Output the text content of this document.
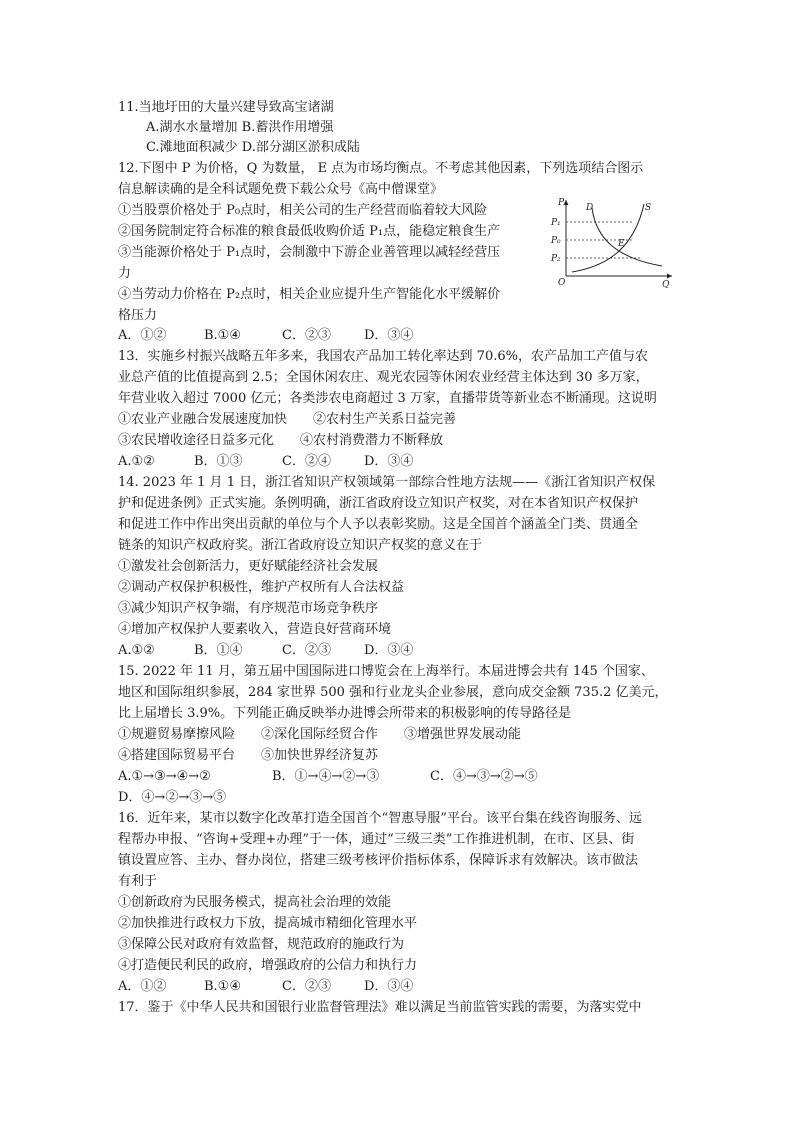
11.当地圩田的大量兴建导致高宝诸湖
A.湖水水量增加 B.蓄洪作用增强
C.滩地面积减少 D.部分湖区淤积成陆
12.下图中 P 为价格，Q 为数量， E 点为市场均衡点。不考虑其他因素，下列选项结合图示
信息解读确的是全科试题免费下载公众号《高中僧课堂》
①当股票价格处于 P₀点时，相关公司的生产经营而临着较大风险
②国务院制定符合标准的粮食最低收购价适 P₁点，能稳定粮食生产
③当能源价格处于 P₁点时，会制激中下游企业善管理以减轻经营压
力
④当劳动力价格在 P₂点时，相关企业应提升生产智能化水平缓解价
格压力
A．①②	B.①④	C．②③	D．③④
P
P₁
P₀
P₂
O	Q
D	S
E
13．实施乡村振兴战略五年多来，我国农产品加工转化率达到 70.6%，农产品加工产值与农
业总产值的比值提高到 2.5；全国休闲农庄、观光农园等休闲农业经营主体达到 30 多万家，
年营业收入超过 7000 亿元；各类涉农电商超过 3 万家，直播带货等新业态不断涌现。这说明
①农业产业融合发展速度加快　　②农村生产关系日益完善
③农民增收途径日益多元化　　④农村消费潜力不断释放
A.①②	B．①③	C．②④	D．③④
14. 2023 年 1 月 1 日，浙江省知识产权领域第一部综合性地方法规——《浙江省知识产权保
护和促进条例》正式实施。条例明确，浙江省政府设立知识产权奖，对在本省知识产权保护
和促进工作中作出突出贡献的单位与个人予以表彰奖励。这是全国首个涵盖全门类、贯通全
链条的知识产权政府奖。浙江省政府设立知识产权奖的意义在于
①激发社会创新活力，更好赋能经济社会发展
②调动产权保护积极性，维护产权所有人合法权益
③减少知识产权争端，有序规范市场竞争秩序
④增加产权保护人要素收入，营造良好营商环境
A.①②	B．①④	C．②③	D．③④
15. 2022 年 11 月，第五届中国国际进口博览会在上海举行。本届进博会共有 145 个国家、
地区和国际组织参展，284 家世界 500 强和行业龙头企业参展，意向成交金额 735.2 亿美元，
比上届增长 3.9%。下列能正确反映举办进博会所带来的积极影响的传导路径是
①规避贸易摩擦风险　　②深化国际经贸合作　　③增强世界发展动能
④搭建国际贸易平台　　⑤加快世界经济复苏
A.①→③→④→②	B．①→④→②→③	C．④→③→②→⑤
D．④→②→③→⑤
16．近年来，某市以数字化改革打造全国首个“智惠导服”平台。该平台集在线咨询服务、远
程帮办申报、“咨询+受理+办理”于一体，通过“三级三类”工作推进机制，在市、区县、街
镇设置应答、主办、督办岗位，搭建三级考核评价指标体系，保障诉求有效解决。该市做法
有利于
①创新政府为民服务模式，提高社会治理的效能
②加快推进行政权力下放，提高城市精细化管理水平
③保障公民对政府有效监督，规范政府的施政行为
④打造便民利民的政府，增强政府的公信力和执行力
A．①②	B.①④	C．②③	D．③④
17．鉴于《中华人民共和国银行业监督管理法》难以满足当前监管实践的需要，为落实党中
